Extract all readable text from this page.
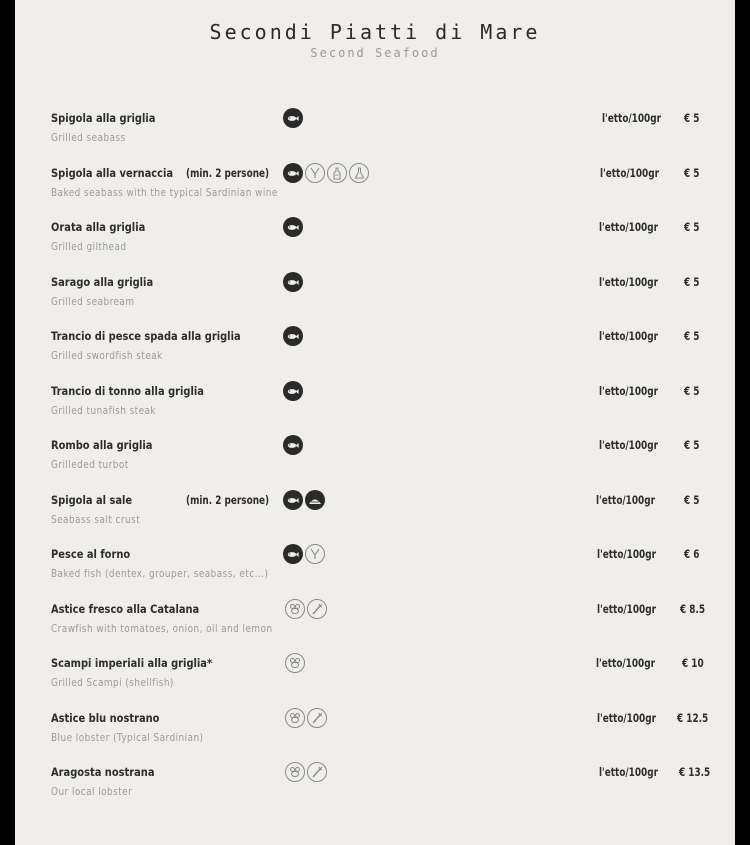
Secondi Piatti di Mare
Second Seafood
Spigola alla griglia
Grilled seabass
l'etto/100gr € 5
Spigola alla vernaccia (min. 2 persone)
Baked seabass with the typical Sardinian wine
l'etto/100gr € 5
Orata alla griglia
Grilled gilthead
l'etto/100gr € 5
Sarago alla griglia
Grilled seabream
l'etto/100gr € 5
Trancio di pesce spada alla griglia
Grilled swordfish steak
l'etto/100gr € 5
Trancio di tonno alla griglia
Grilled tunafish steak
l'etto/100gr € 5
Rombo alla griglia
Grilleded turbot
l'etto/100gr € 5
Spigola al sale	(min. 2 persone)
Seabass salt crust
l'etto/100gr	€ 5
Pesce al forno
Baked fish (dentex, grouper, seabass, etc...)
l'etto/100gr € 6
Astice fresco alla Catalana
Crawfish with tomatoes, onion, oil and lemon
l'etto/100gr € 8.5
Scampi imperiali alla griglia*
Grilled Scampi (shellfish)
l'etto/100gr € 10
Astice blu nostrano
Blue lobster (Typical Sardinian)
l'etto/100gr € 12.5
Aragosta nostrana
Our local lobster
l'etto/100gr € 13.5
